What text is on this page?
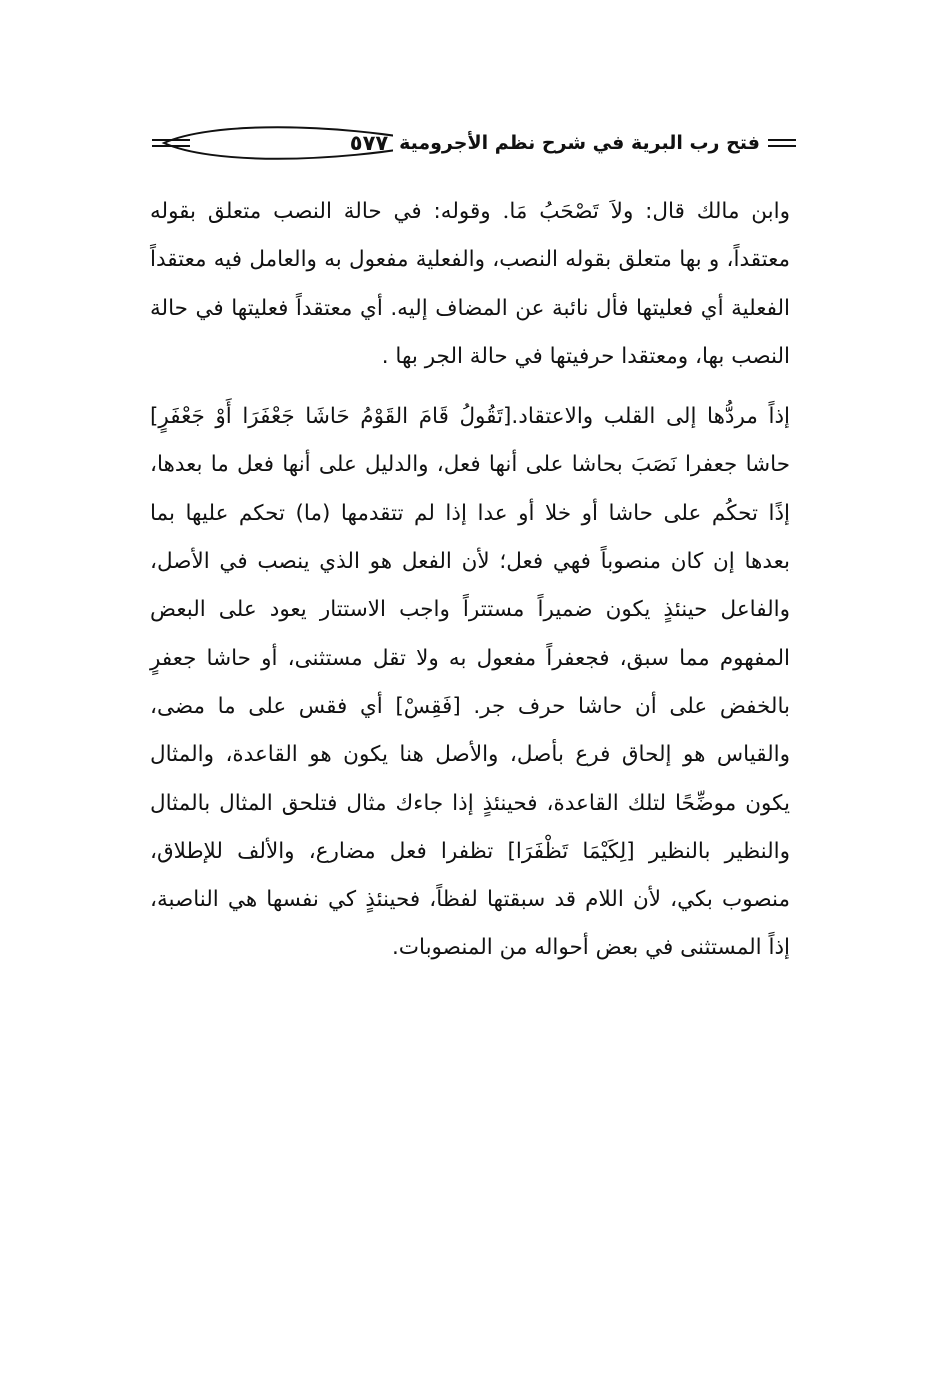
٥٧٧ فتح رب البرية في شرح نظم الأجرومية

وابن مالك قال: ولاَ تَصْحَبُ مَا. وقوله: في حالة النصب متعلق بقوله معتقداً، و بها متعلق بقوله النصب، والفعلية مفعول به والعامل فيه معتقداً الفعلية أي فعليتها فأل نائبة عن المضاف إليه. أي معتقداً فعليتها في حالة النصب بها، ومعتقدا حرفيتها في حالة الجر بها .

إذاً مردُّها إلى القلب والاعتقاد.[تَقُولُ قَامَ القَوْمُ حَاشَا جَعْفَرَا أَوْ جَعْفَرٍ] حاشا جعفرا نَصَبَ بحاشا على أنها فعل، والدليل على أنها فعل ما بعدها، إذًا تحكُم على حاشا أو خلا أو عدا إذا لم تتقدمها (ما) تحكم عليها بما بعدها إن كان منصوباً فهي فعل؛ لأن الفعل هو الذي ينصب في الأصل، والفاعل حينئذٍ يكون ضميراً مستتراً واجب الاستتار يعود على البعض المفهوم مما سبق، فجعفراً مفعول به ولا تقل مستثنى، أو حاشا جعفرٍ بالخفض على أن حاشا حرف جر. [فَقِسْ] أي فقس على ما مضى، والقياس هو إلحاق فرع بأصل، والأصل هنا يكون هو القاعدة، والمثال يكون موضِّحًا لتلك القاعدة، فحينئذٍ إذا جاءك مثال فتلحق المثال بالمثال والنظير بالنظير [لِكَيْمَا تَظْفَرَا] تظفرا فعل مضارع، والألف للإطلاق، منصوب بكي، لأن اللام قد سبقتها لفظاً، فحينئذٍ كي نفسها هي الناصبة، إذاً المستثنى في بعض أحواله من المنصوبات.
